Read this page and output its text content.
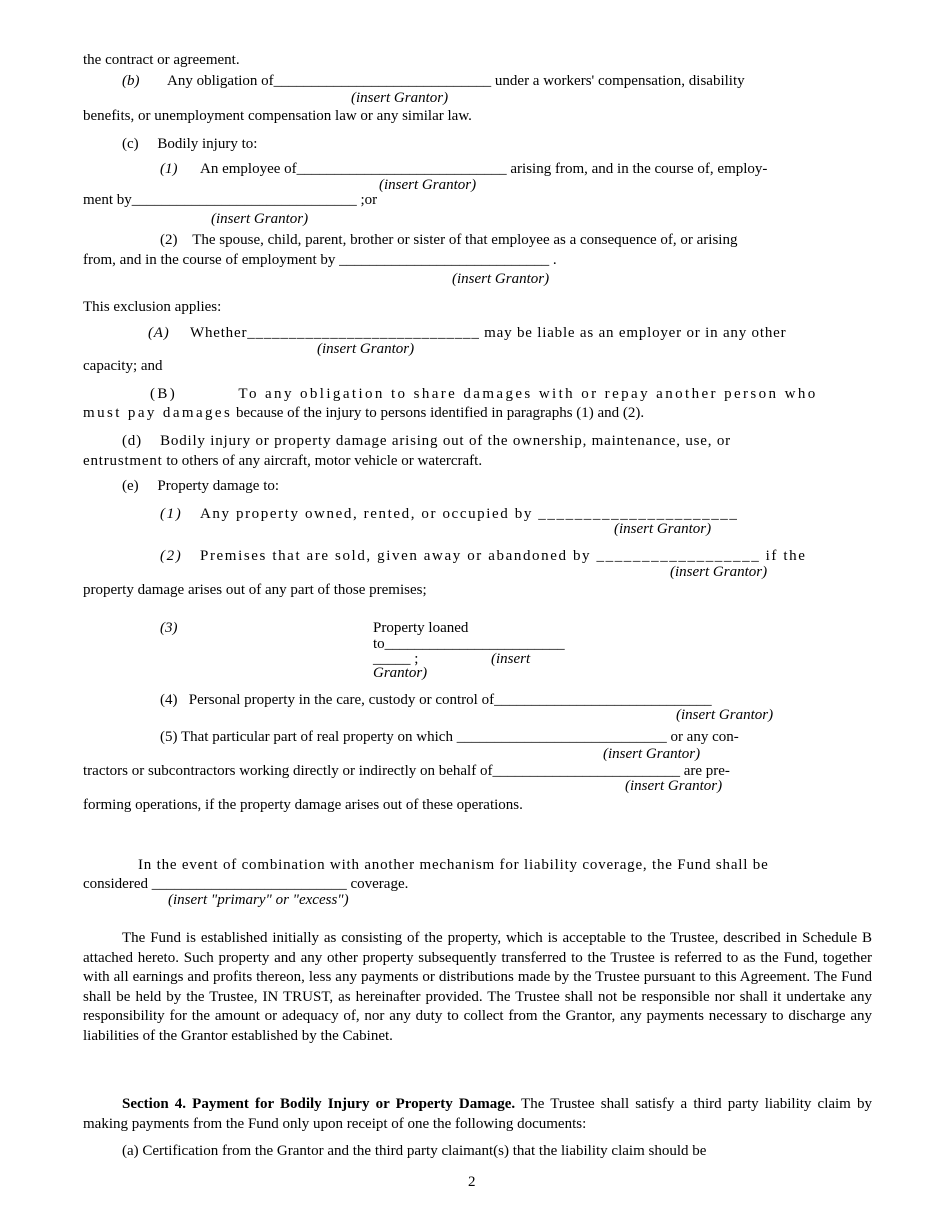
the contract or agreement.
(b) Any obligation of_____________________________ under a workers' compensation, disability
(insert Grantor)
benefits, or unemployment compensation law or any similar law.
(c)     Bodily injury to:
(1) An employee of____________________________ arising from, and in the course of, employ-
(insert Grantor)
ment by______________________________ ;or
(insert Grantor)
(2)    The spouse, child, parent, brother or sister of that employee as a consequence of, or arising
from, and in the course of employment by ____________________________ .
(insert Grantor)
This exclusion applies:
(A) Whether____________________________ may be liable as an employer or in any other
(insert Grantor)
capacity; and
(B)          To any obligation to share damages with or repay another person who
must pay damages because of the injury to persons identified in paragraphs (1) and (2).
(d)    Bodily injury or property damage arising out of the ownership, maintenance, use, or
entrustment to others of any aircraft, motor vehicle or watercraft.
(e)     Property damage to:
(1) Any property owned, rented, or occupied by ______________________
(insert Grantor)
(2) Premises that are sold, given away or abandoned by __________________ if the
(insert Grantor)
property damage arises out of any part of those premises;
(3)	Property loaned
to________________________
_____ ;	(insert
Grantor)
(4)   Personal property in the care, custody or control of_____________________________
(insert Grantor)
(5) That particular part of real property on which ____________________________ or any con-
(insert Grantor)
tractors or subcontractors working directly or indirectly on behalf of_________________________ are pre-
(insert Grantor)
forming operations, if the property damage arises out of these operations.
In the event of combination with another mechanism for liability coverage, the Fund shall be
considered __________________________ coverage.
(insert "primary" or "excess")

The Fund is established initially as consisting of the property, which is acceptable to the Trustee, described in Schedule B attached hereto. Such property and any other property subsequently transferred to the Trustee is referred to as the Fund, together with all earnings and profits thereon, less any payments or distributions made by the Trustee pursuant to this Agreement. The Fund shall be held by the Trustee, IN TRUST, as hereinafter provided. The Trustee shall not be responsible nor shall it undertake any responsibility for the amount or adequacy of, nor any duty to collect from the Grantor, any payments necessary to discharge any liabilities of the Grantor established by the Cabinet.

Section 4. Payment for Bodily Injury or Property Damage. The Trustee shall satisfy a third party liability claim by making payments from the Fund only upon receipt of one the following documents:

(a) Certification from the Grantor and the third party claimant(s) that the liability claim should be
2
